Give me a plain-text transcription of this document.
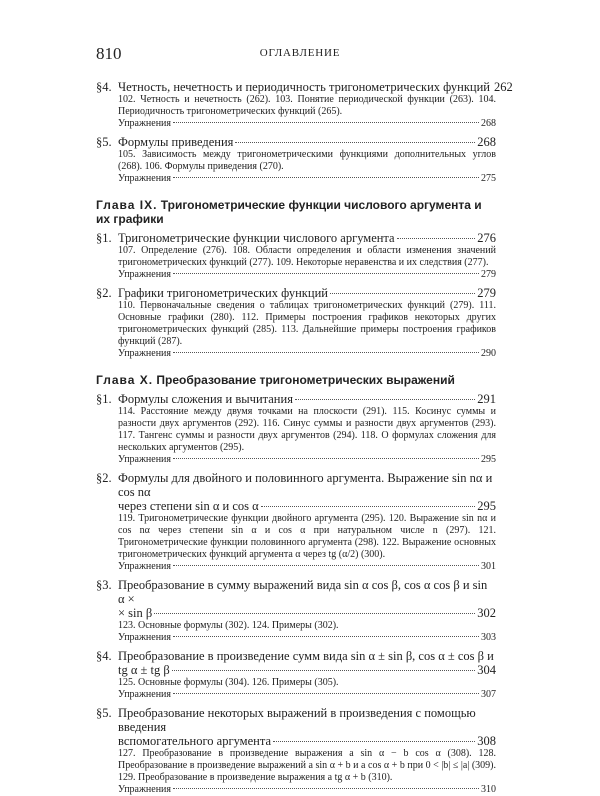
810	ОГЛАВЛЕНИЕ
§4. Четность, нечетность и периодичность тригонометрических функций 262
102. Четность и нечетность (262). 103. Понятие периодической функции (263). 104. Периодичность тригонометрических функций (265).
Упражнения	268
§5. Формулы приведения	268
105. Зависимость между тригонометрическими функциями дополнительных углов (268). 106. Формулы приведения (270).
Упражнения	275
Глава IX. Тригонометрические функции числового аргумента и их графики
§1. Тригонометрические функции числового аргумента	276
107. Определение (276). 108. Области определения и области изменения значений тригонометрических функций (277). 109. Некоторые неравенства и их следствия (277).
Упражнения	279
§2. Графики тригонометрических функций	279
110. Первоначальные сведения о таблицах тригонометрических функций (279). 111. Основные графики (280). 112. Примеры построения графиков некоторых других тригонометрических функций (285). 113. Дальнейшие примеры построения графиков функций (287).
Упражнения	290
Глава X. Преобразование тригонометрических выражений
§1. Формулы сложения и вычитания	291
114. Расстояние между двумя точками на плоскости (291). 115. Косинус суммы и разности двух аргументов (292). 116. Синус суммы и разности двух аргументов (293). 117. Тангенс суммы и разности двух аргументов (294). 118. О формулах сложения для нескольких аргументов (295).
Упражнения	295
§2. Формулы для двойного и половинного аргумента. Выражение sin nα и cos nα
через степени sin α и cos α	295
119. Тригонометрические функции двойного аргумента (295). 120. Выражение sin nα и cos nα через степени sin α и cos α при натуральном числе n (297). 121. Тригонометрические функции половинного аргумента (298). 122. Выражение основных тригонометрических функций аргумента α через tg (α/2) (300).
Упражнения	301
§3. Преобразование в сумму выражений вида sin α cos β, cos α cos β и sin α ×
× sin β	302
123. Основные формулы (302). 124. Примеры (302).
Упражнения	303
§4. Преобразование в произведение сумм вида sin α ± sin β, cos α ± cos β и
tg α ± tg β	304
125. Основные формулы (304). 126. Примеры (305).
Упражнения	307
§5. Преобразование некоторых выражений в произведения с помощью введения
вспомогательного аргумента	308
127. Преобразование в произведение выражения a sin α − b cos α (308). 128. Преобразование в произведение выражений a sin α + b и a cos α + b при 0 < |b| ≤ |a| (309). 129. Преобразование в произведение выражения a tg α + b (310).
Упражнения	310
